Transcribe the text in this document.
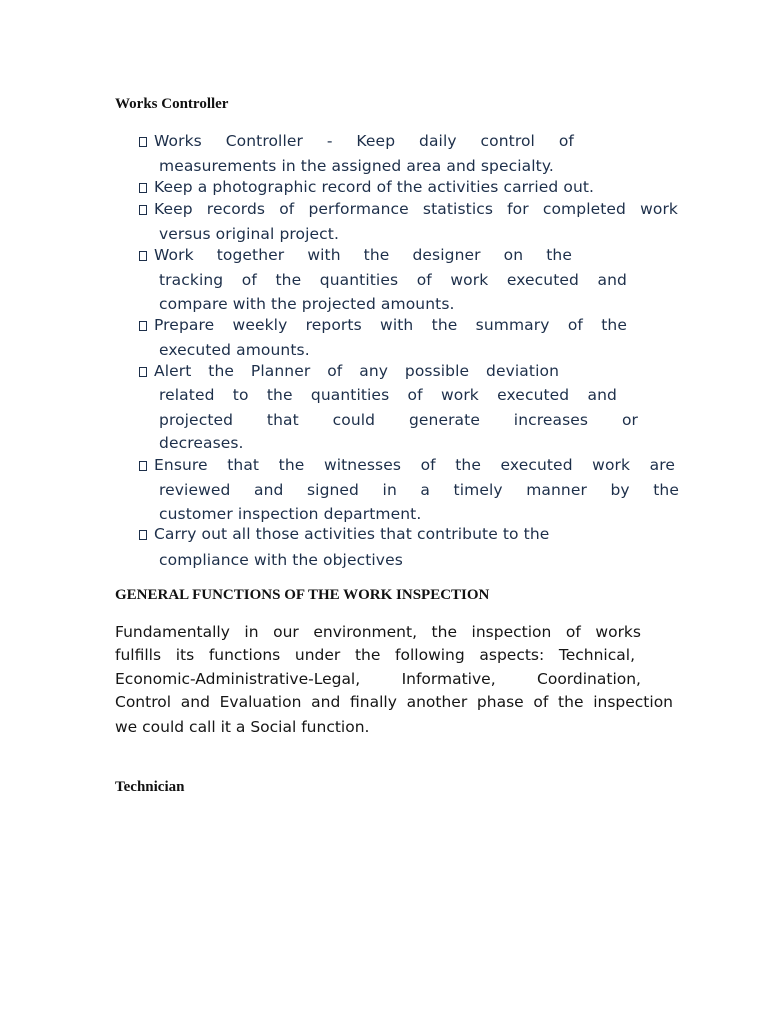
Works Controller
GENERAL FUNCTIONS OF THE WORK INSPECTION
Technician

Works Controller - Keep daily control of

measurements in the assigned area and specialty.

Keep a photographic record of the activities carried out.

Keep records of performance statistics for completed work

versus original project.

Work together with the designer on the

tracking of the quantities of work executed and

compare with the projected amounts.

Prepare weekly reports with the summary of the

executed amounts.

Alert the Planner of any possible deviation

related to the quantities of work executed and

projected that could generate increases or

decreases.

Ensure that the witnesses of the executed work are

reviewed and signed in a timely manner by the

customer inspection department.

Carry out all those activities that contribute to the

compliance with the objectives

Fundamentally in our environment, the inspection of works

fulfills its functions under the following aspects: Technical,

Economic-Administrative-Legal, Informative, Coordination,

Control and Evaluation and finally another phase of the inspection

we could call it a Social function.
